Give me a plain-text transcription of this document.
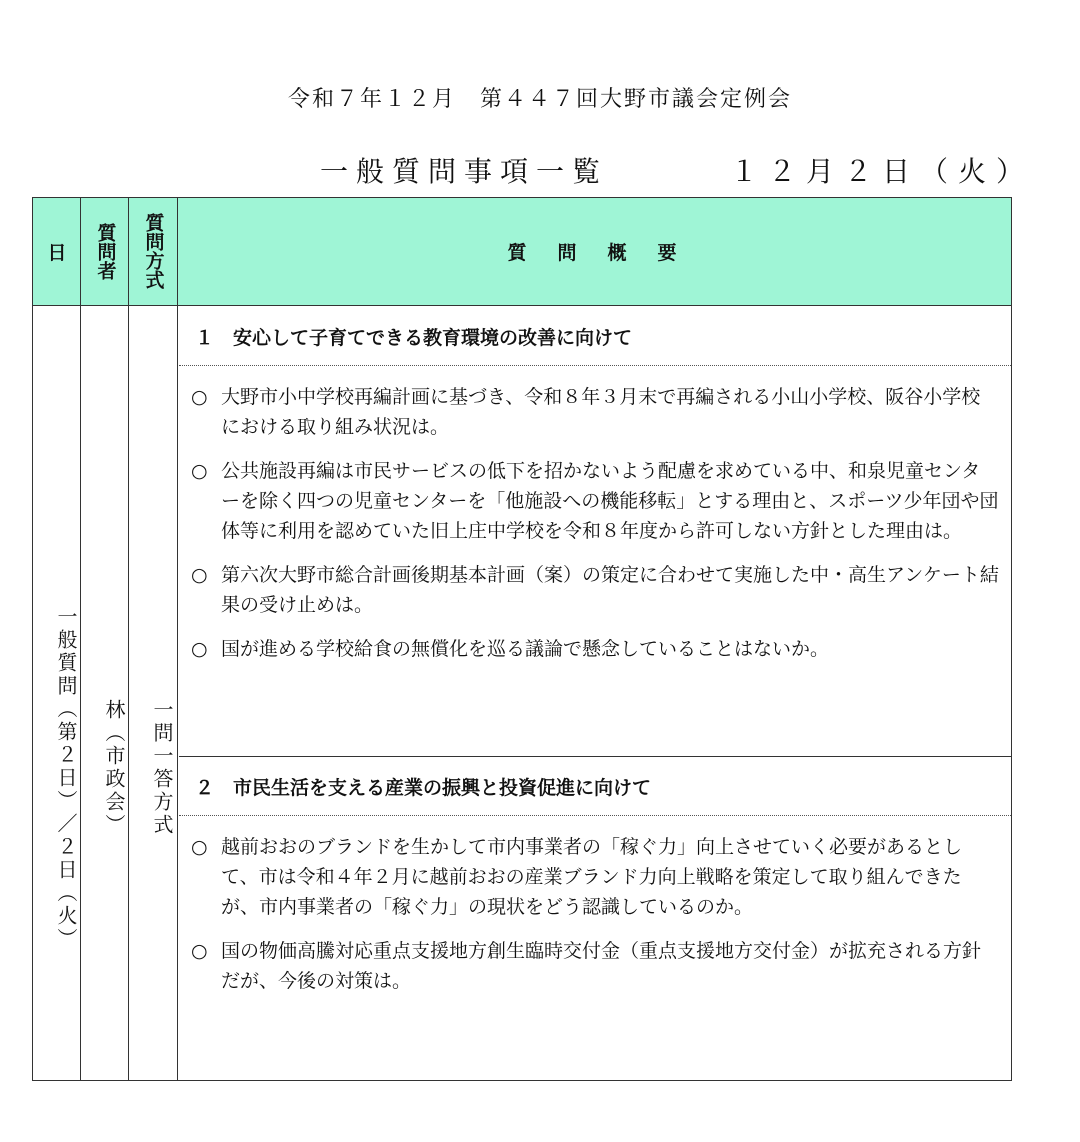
令和７年１２月　第４４７回大野市議会定例会
一般質問事項一覧	１２月２日（火）
日 質問者 質問方式	質　問　概　要
一般質問（第２日）／２日（火）	林（市政会）	一問一答方式
１　安心して子育てできる教育環境の改善に向けて
○ 大野市小中学校再編計画に基づき、令和８年３月末で再編される小山小学校、阪谷小学校における取り組み状況は。
○ 公共施設再編は市民サービスの低下を招かないよう配慮を求めている中、和泉児童センターを除く四つの児童センターを「他施設への機能移転」とする理由と、スポーツ少年団や団体等に利用を認めていた旧上庄中学校を令和８年度から許可しない方針とした理由は。
○ 第六次大野市総合計画後期基本計画（案）の策定に合わせて実施した中・高生アンケート結果の受け止めは。
○ 国が進める学校給食の無償化を巡る議論で懸念していることはないか。
２　市民生活を支える産業の振興と投資促進に向けて
○ 越前おおのブランドを生かして市内事業者の「稼ぐ力」向上させていく必要があるとして、市は令和４年２月に越前おおの産業ブランド力向上戦略を策定して取り組んできたが、市内事業者の「稼ぐ力」の現状をどう認識しているのか。
○ 国の物価高騰対応重点支援地方創生臨時交付金（重点支援地方交付金）が拡充される方針だが、今後の対策は。
